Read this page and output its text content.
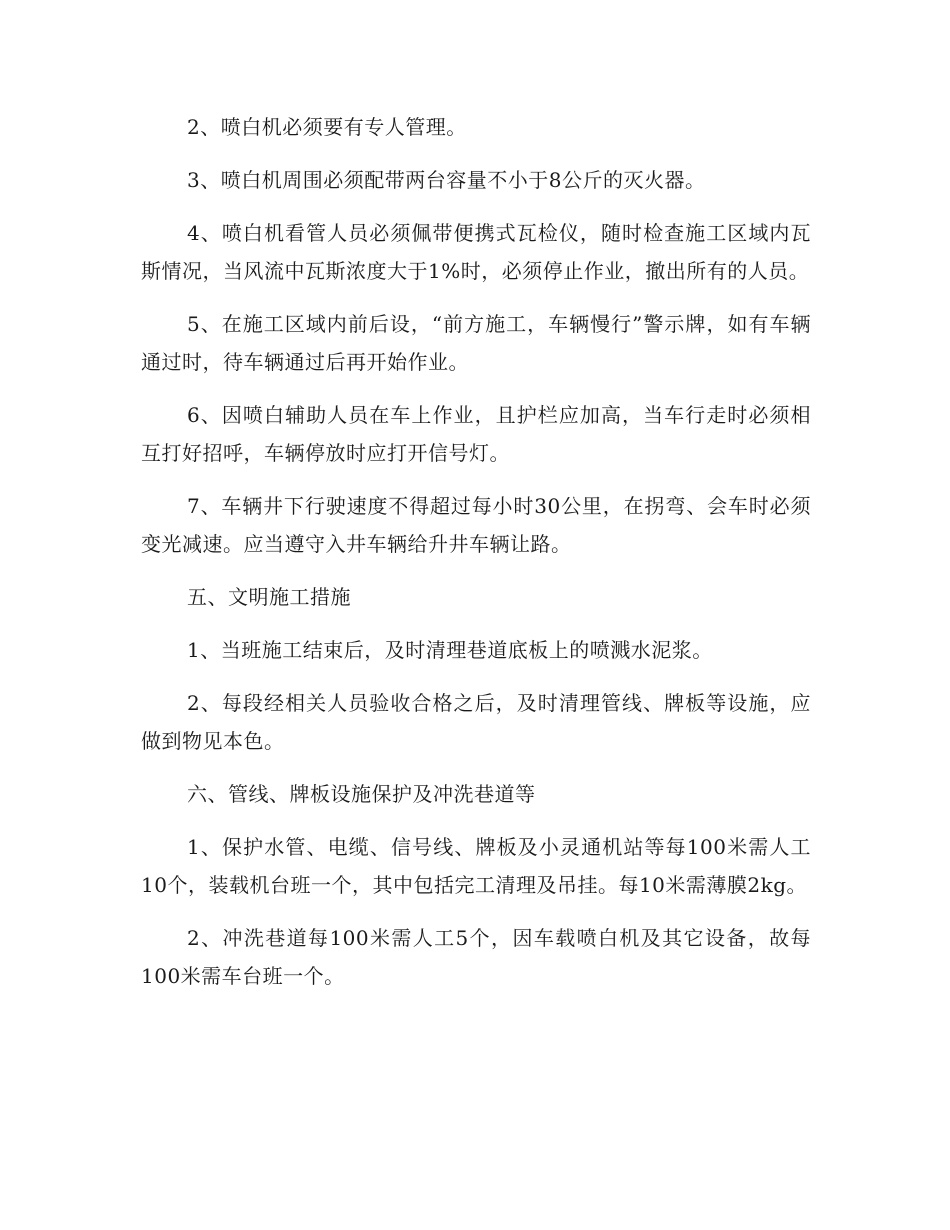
2、喷白机必须要有专人管理。

3、喷白机周围必须配带两台容量不小于8公斤的灭火器。

4、喷白机看管人员必须佩带便携式瓦检仪，随时检查施工区域内瓦斯情况，当风流中瓦斯浓度大于1%时，必须停止作业，撤出所有的人员。

5、在施工区域内前后设，“前方施工，车辆慢行”警示牌，如有车辆通过时，待车辆通过后再开始作业。

6、因喷白辅助人员在车上作业，且护栏应加高，当车行走时必须相互打好招呼，车辆停放时应打开信号灯。

7、车辆井下行驶速度不得超过每小时30公里，在拐弯、会车时必须变光减速。应当遵守入井车辆给升井车辆让路。

五、文明施工措施

1、当班施工结束后，及时清理巷道底板上的喷溅水泥浆。

2、每段经相关人员验收合格之后，及时清理管线、牌板等设施，应做到物见本色。

六、管线、牌板设施保护及冲洗巷道等

1、保护水管、电缆、信号线、牌板及小灵通机站等每100米需人工10个，装载机台班一个，其中包括完工清理及吊挂。每10米需薄膜2kg。

2、冲洗巷道每100米需人工5个，因车载喷白机及其它设备，故每100米需车台班一个。
